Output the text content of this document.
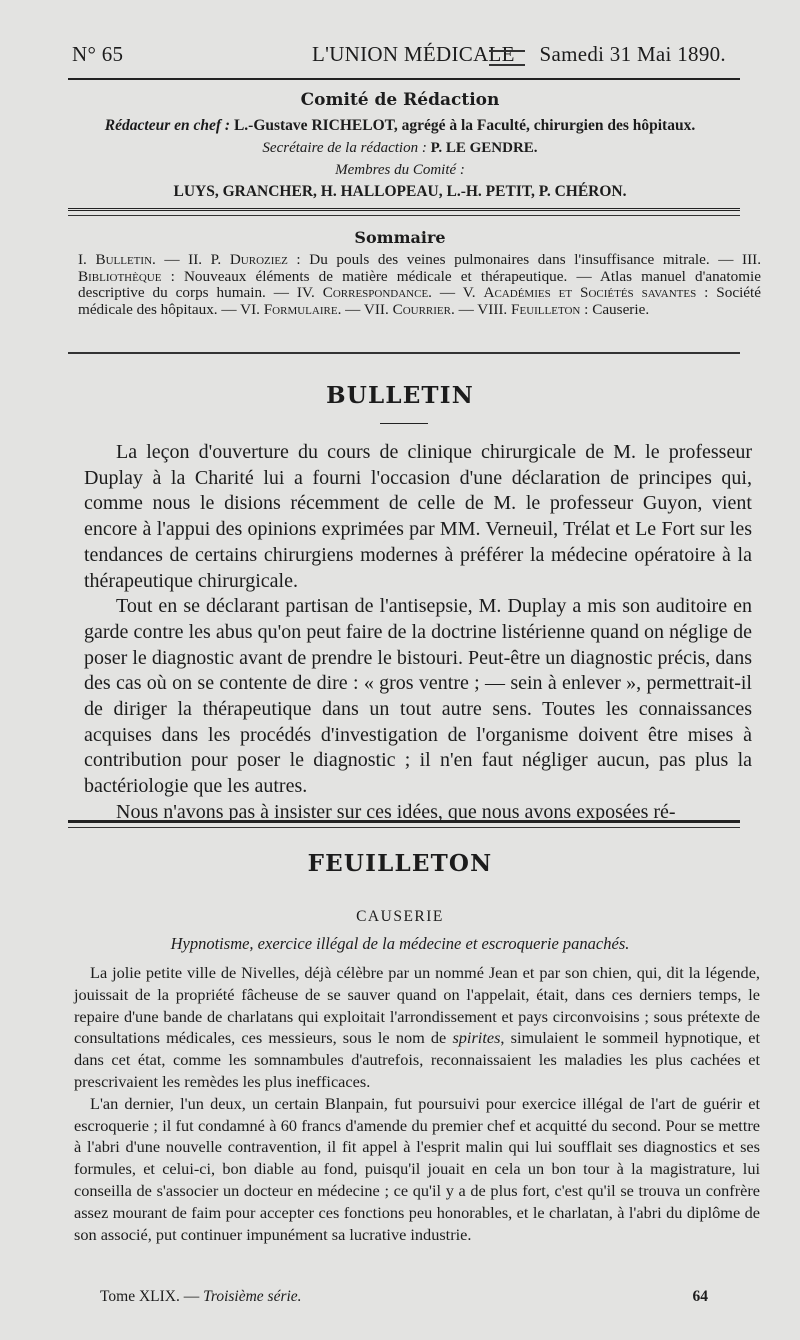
N° 65	L'UNION MÉDICALE Samedi 31 Mai 1890.
Comité de Rédaction
Rédacteur en chef : L.-Gustave RICHELOT, agrégé à la Faculté, chirurgien des hôpitaux.
Secrétaire de la rédaction : P. LE GENDRE.
Membres du Comité :
LUYS, GRANCHER, H. HALLOPEAU, L.-H. PETIT, P. CHÉRON.
Sommaire
I. Bulletin. — II. P. Duroziez : Du pouls des veines pulmonaires dans l'insuffisance mitrale. — III. Bibliothèque : Nouveaux éléments de matière médicale et thérapeutique. — Atlas manuel d'anatomie descriptive du corps humain. — IV. Correspondance. — V. Académies et Sociétés savantes : Société médicale des hôpitaux. — VI. Formulaire. — VII. Courrier. — VIII. Feuilleton : Causerie.
BULLETIN

La leçon d'ouverture du cours de clinique chirurgicale de M. le professeur Duplay à la Charité lui a fourni l'occasion d'une déclaration de principes qui, comme nous le disions récemment de celle de M. le professeur Guyon, vient encore à l'appui des opinions exprimées par MM. Verneuil, Trélat et Le Fort sur les tendances de certains chirurgiens modernes à préférer la médecine opératoire à la thérapeutique chirurgicale.

Tout en se déclarant partisan de l'antisepsie, M. Duplay a mis son auditoire en garde contre les abus qu'on peut faire de la doctrine listérienne quand on néglige de poser le diagnostic avant de prendre le bistouri. Peut-être un diagnostic précis, dans des cas où on se contente de dire : « gros ventre ; — sein à enlever », permettrait-il de diriger la thérapeutique dans un tout autre sens. Toutes les connaissances acquises dans les procédés d'investigation de l'organisme doivent être mises à contribution pour poser le diagnostic ; il n'en faut négliger aucun, pas plus la bactériologie que les autres.

Nous n'avons pas à insister sur ces idées, que nous avons exposées ré-

FEUILLETON
CAUSERIE
Hypnotisme, exercice illégal de la médecine et escroquerie panachés.

La jolie petite ville de Nivelles, déjà célèbre par un nommé Jean et par son chien, qui, dit la légende, jouissait de la propriété fâcheuse de se sauver quand on l'appelait, était, dans ces derniers temps, le repaire d'une bande de charlatans qui exploitait l'arrondissement et pays circonvoisins ; sous prétexte de consultations médicales, ces messieurs, sous le nom de spirites, simulaient le sommeil hypnotique, et dans cet état, comme les somnambules d'autrefois, reconnaissaient les maladies les plus cachées et prescrivaient les remèdes les plus inefficaces.

L'an dernier, l'un deux, un certain Blanpain, fut poursuivi pour exercice illégal de l'art de guérir et escroquerie ; il fut condamné à 60 francs d'amende du premier chef et acquitté du second. Pour se mettre à l'abri d'une nouvelle contravention, il fit appel à l'esprit malin qui lui soufflait ses diagnostics et ses formules, et celui-ci, bon diable au fond, puisqu'il jouait en cela un bon tour à la magistrature, lui conseilla de s'associer un docteur en médecine ; ce qu'il y a de plus fort, c'est qu'il se trouva un confrère assez mourant de faim pour accepter ces fonctions peu honorables, et le charlatan, à l'abri du diplôme de son associé, put continuer impunément sa lucrative industrie.

Tome XLIX. — Troisième série.	64
